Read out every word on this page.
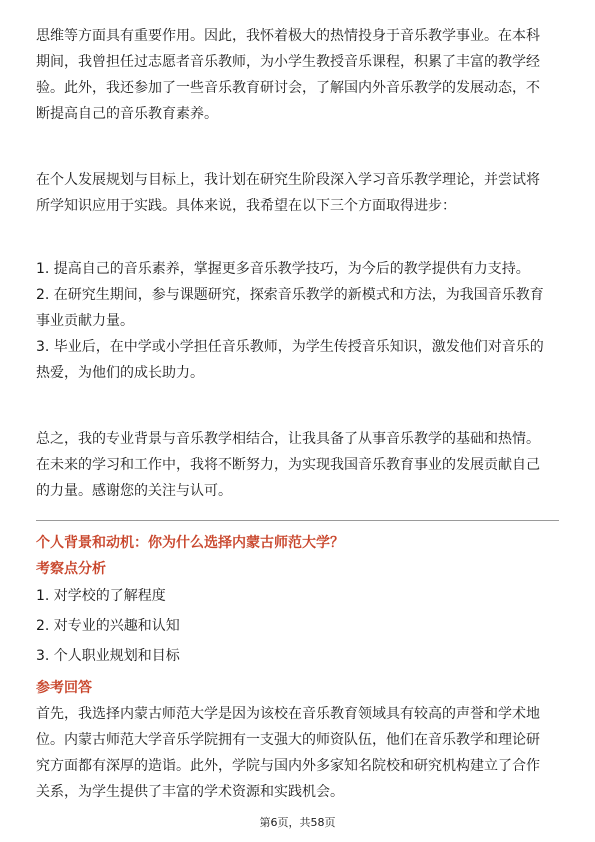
思维等方面具有重要作用。因此，我怀着极大的热情投身于音乐教学事业。在本科
期间，我曾担任过志愿者音乐教师，为小学生教授音乐课程，积累了丰富的教学经
验。此外，我还参加了一些音乐教育研讨会，了解国内外音乐教学的发展动态，不
断提高自己的音乐教育素养。
在个人发展规划与目标上，我计划在研究生阶段深入学习音乐教学理论，并尝试将
所学知识应用于实践。具体来说，我希望在以下三个方面取得进步：
1. 提高自己的音乐素养，掌握更多音乐教学技巧，为今后的教学提供有力支持。
2. 在研究生期间，参与课题研究，探索音乐教学的新模式和方法，为我国音乐教育
事业贡献力量。
3. 毕业后，在中学或小学担任音乐教师，为学生传授音乐知识，激发他们对音乐的
热爱，为他们的成长助力。
总之，我的专业背景与音乐教学相结合，让我具备了从事音乐教学的基础和热情。
在未来的学习和工作中，我将不断努力，为实现我国音乐教育事业的发展贡献自己
的力量。感谢您的关注与认可。
个人背景和动机：你为什么选择内蒙古师范大学？
考察点分析
1. 对学校的了解程度
2. 对专业的兴趣和认知
3. 个人职业规划和目标
参考回答
首先，我选择内蒙古师范大学是因为该校在音乐教育领域具有较高的声誉和学术地
位。内蒙古师范大学音乐学院拥有一支强大的师资队伍，他们在音乐教学和理论研
究方面都有深厚的造诣。此外，学院与国内外多家知名院校和研究机构建立了合作
关系，为学生提供了丰富的学术资源和实践机会。
第6页，共58页
